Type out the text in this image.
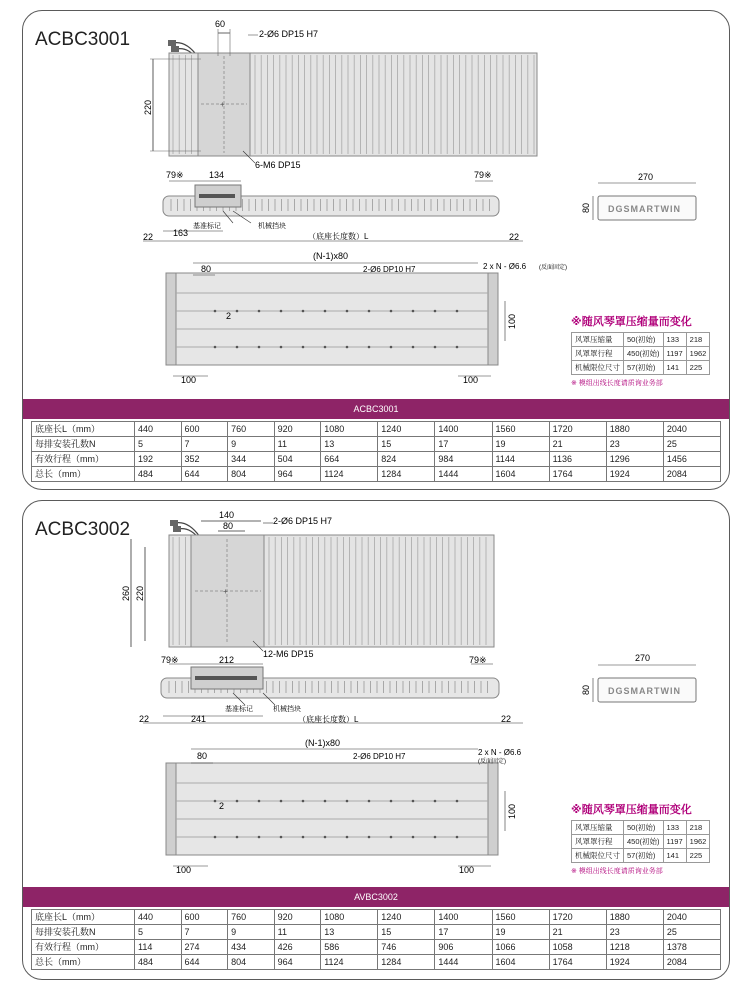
ACBC3001
+
60
2-Ø6 DP15 H7
220
6-M6 DP15
79※	134	79※
基准标记	机械挡块
163
22	22
（底座长度数）L
270
80 DGSMARTWIN
(N-1)x80
80	2-Ø6 DP10 H7	2 x N - Ø6.6 (反面固定)
2	100
100	100
※随风琴罩压缩量而变化
风罩压缩量	50(初始)	133	218
风罩罩行程	450(初始)	1197	1962
机械限位尺寸	57(初始)	141	225
※ 模组出线长度请质询业务部
ACBC3001
底座长L（mm）	440	600	760	920	1080	1240	1400	1560	1720	1880	2040
每排安装孔数N	5	7	9	11	13	15	17	19	21	23	25
有效行程（mm）	192	352	344	504	664	824	984	1144	1136	1296	1456
总长（mm）	484	644	804	964	1124	1284	1444	1604	1764	1924	2084
ACBC3002
+
140
80	2-Ø6 DP15 H7
260 220
12-M6 DP15
79※	212	79※
基准标记	机械挡块
241
22	22
（底座长度数）L
270
80 DGSMARTWIN
(N-1)x80
80	2-Ø6 DP10 H7	2 x N - Ø6.6
(反面固定)
2	100
100	100
※随风琴罩压缩量而变化
风罩压缩量	50(初始)	133	218
风罩罩行程	450(初始)	1197	1962
机械限位尺寸	57(初始)	141	225
※ 模组出线长度请质询业务部
AVBC3002
底座长L（mm）	440	600	760	920	1080	1240	1400	1560	1720	1880	2040
每排安装孔数N	5	7	9	11	13	15	17	19	21	23	25
有效行程（mm）	114	274	434	426	586	746	906	1066	1058	1218	1378
总长（mm）	484	644	804	964	1124	1284	1444	1604	1764	1924	2084
